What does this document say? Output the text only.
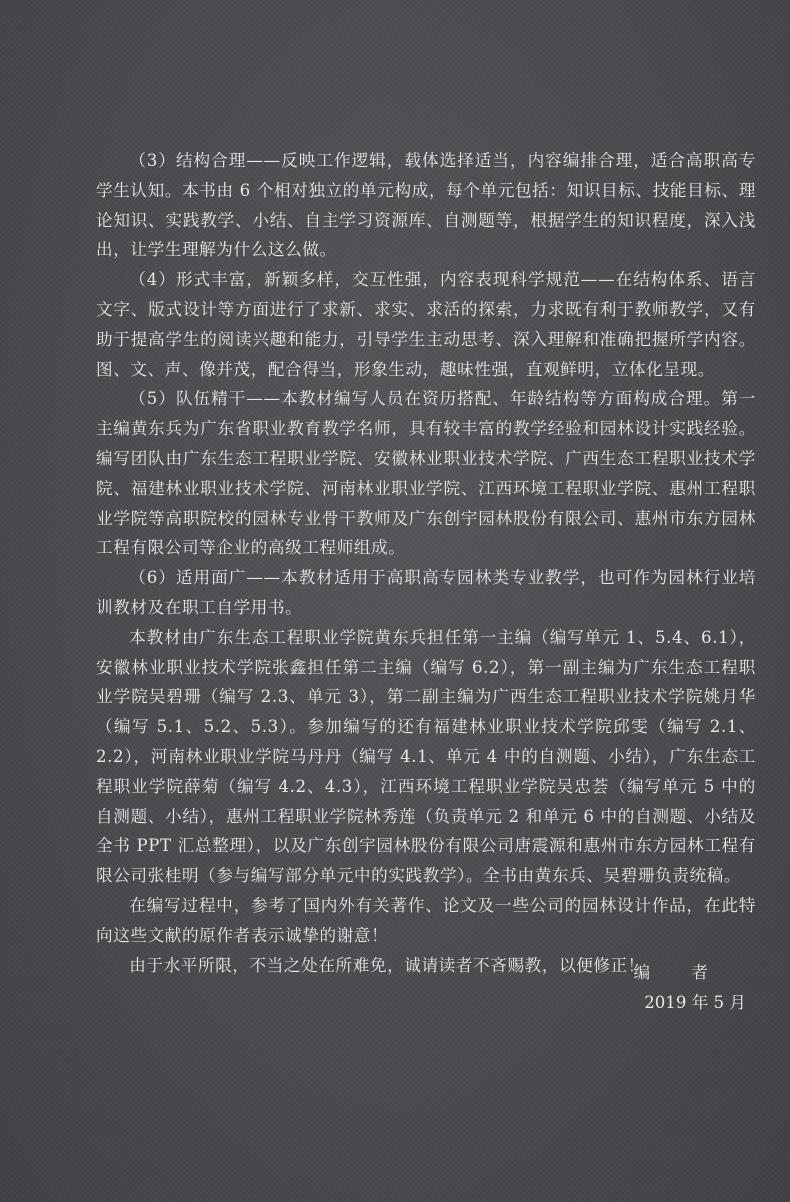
（3）结构合理——反映工作逻辑，载体选择适当，内容编排合理，适合高职高专学生认知。本书由 6 个相对独立的单元构成，每个单元包括：知识目标、技能目标、理论知识、实践教学、小结、自主学习资源库、自测题等，根据学生的知识程度，深入浅出，让学生理解为什么这么做。

（4）形式丰富，新颖多样，交互性强，内容表现科学规范——在结构体系、语言文字、版式设计等方面进行了求新、求实、求活的探索，力求既有利于教师教学，又有助于提高学生的阅读兴趣和能力，引导学生主动思考、深入理解和准确把握所学内容。图、文、声、像并茂，配合得当，形象生动，趣味性强，直观鲜明，立体化呈现。

（5）队伍精干——本教材编写人员在资历搭配、年龄结构等方面构成合理。第一主编黄东兵为广东省职业教育教学名师，具有较丰富的教学经验和园林设计实践经验。编写团队由广东生态工程职业学院、安徽林业职业技术学院、广西生态工程职业技术学院、福建林业职业技术学院、河南林业职业学院、江西环境工程职业学院、惠州工程职业学院等高职院校的园林专业骨干教师及广东创宇园林股份有限公司、惠州市东方园林工程有限公司等企业的高级工程师组成。

（6）适用面广——本教材适用于高职高专园林类专业教学，也可作为园林行业培训教材及在职工自学用书。

本教材由广东生态工程职业学院黄东兵担任第一主编（编写单元 1、5.4、6.1），安徽林业职业技术学院张鑫担任第二主编（编写 6.2），第一副主编为广东生态工程职业学院吴碧珊（编写 2.3、单元 3），第二副主编为广西生态工程职业技术学院姚月华（编写 5.1、5.2、5.3）。参加编写的还有福建林业职业技术学院邱雯（编写 2.1、2.2），河南林业职业学院马丹丹（编写 4.1、单元 4 中的自测题、小结），广东生态工程职业学院薛菊（编写 4.2、4.3），江西环境工程职业学院吴忠荟（编写单元 5 中的自测题、小结），惠州工程职业学院林秀莲（负责单元 2 和单元 6 中的自测题、小结及全书 PPT 汇总整理），以及广东创宇园林股份有限公司唐震源和惠州市东方园林工程有限公司张桂明（参与编写部分单元中的实践教学）。全书由黄东兵、吴碧珊负责统稿。

在编写过程中，参考了国内外有关著作、论文及一些公司的园林设计作品，在此特向这些文献的原作者表示诚挚的谢意！

由于水平所限，不当之处在所难免，诚请读者不吝赐教，以便修正！

编 者
2019 年 5 月
